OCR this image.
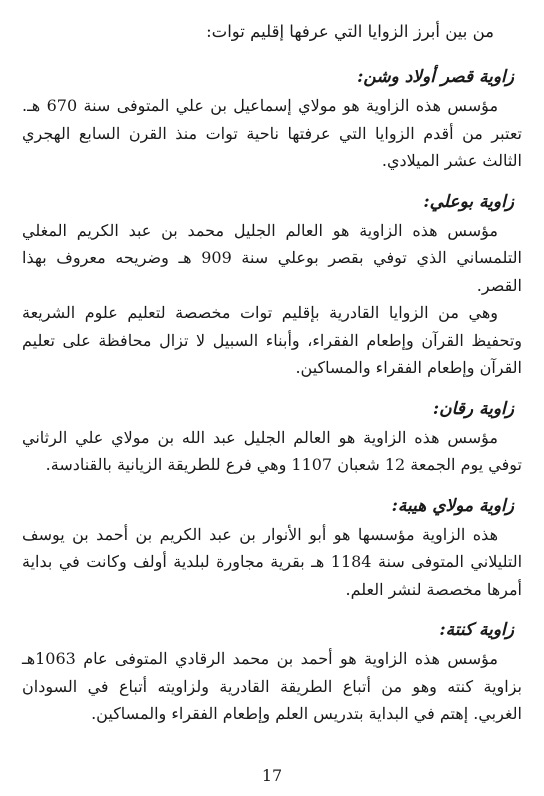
من بين أبرز الزوايا التي عرفها إقليم توات:

زاوية قصر أولاد وشن:

مؤسس هذه الزاوية هو مولاي إسماعيل بن علي المتوفى سنة 670 هـ. تعتبر من أقدم الزوايا التي عرفتها ناحية توات منذ القرن السابع الهجري الثالث عشر الميلادي.

زاوية بوعلي:

مؤسس هذه الزاوية هو العالم الجليل محمد بن عبد الكريم المغلي التلمساني الذي توفي بقصر بوعلي سنة 909 هـ وضريحه معروف بهذا القصر.

وهي من الزوايا القادرية بإقليم توات مخصصة لتعليم علوم الشريعة وتحفيظ القرآن وإطعام الفقراء، وأبناء السبيل لا تزال محافظة على تعليم القرآن وإطعام الفقراء والمساكين.

زاوية رقان:

مؤسس هذه الزاوية هو العالم الجليل عبد الله بن مولاي علي الرثاني توفي يوم الجمعة 12 شعبان 1107 وهي فرع للطريقة الزيانية بالقنادسة.

زاوية مولاي هيبة:

هذه الزاوية مؤسسها هو أبو الأنوار بن عبد الكريم بن أحمد بن يوسف التليلاني المتوفى سنة 1184 هـ بقرية مجاورة لبلدية أولف وكانت في بداية أمرها مخصصة لنشر العلم.

زاوية كنتة:

مؤسس هذه الزاوية هو أحمد بن محمد الرقادي المتوفى عام 1063هـ بزاوية كنته وهو من أتباع الطريقة القادرية ولزاويته أتباع في السودان الغربي. إهتم في البداية بتدريس العلم وإطعام الفقراء والمساكين.

17
